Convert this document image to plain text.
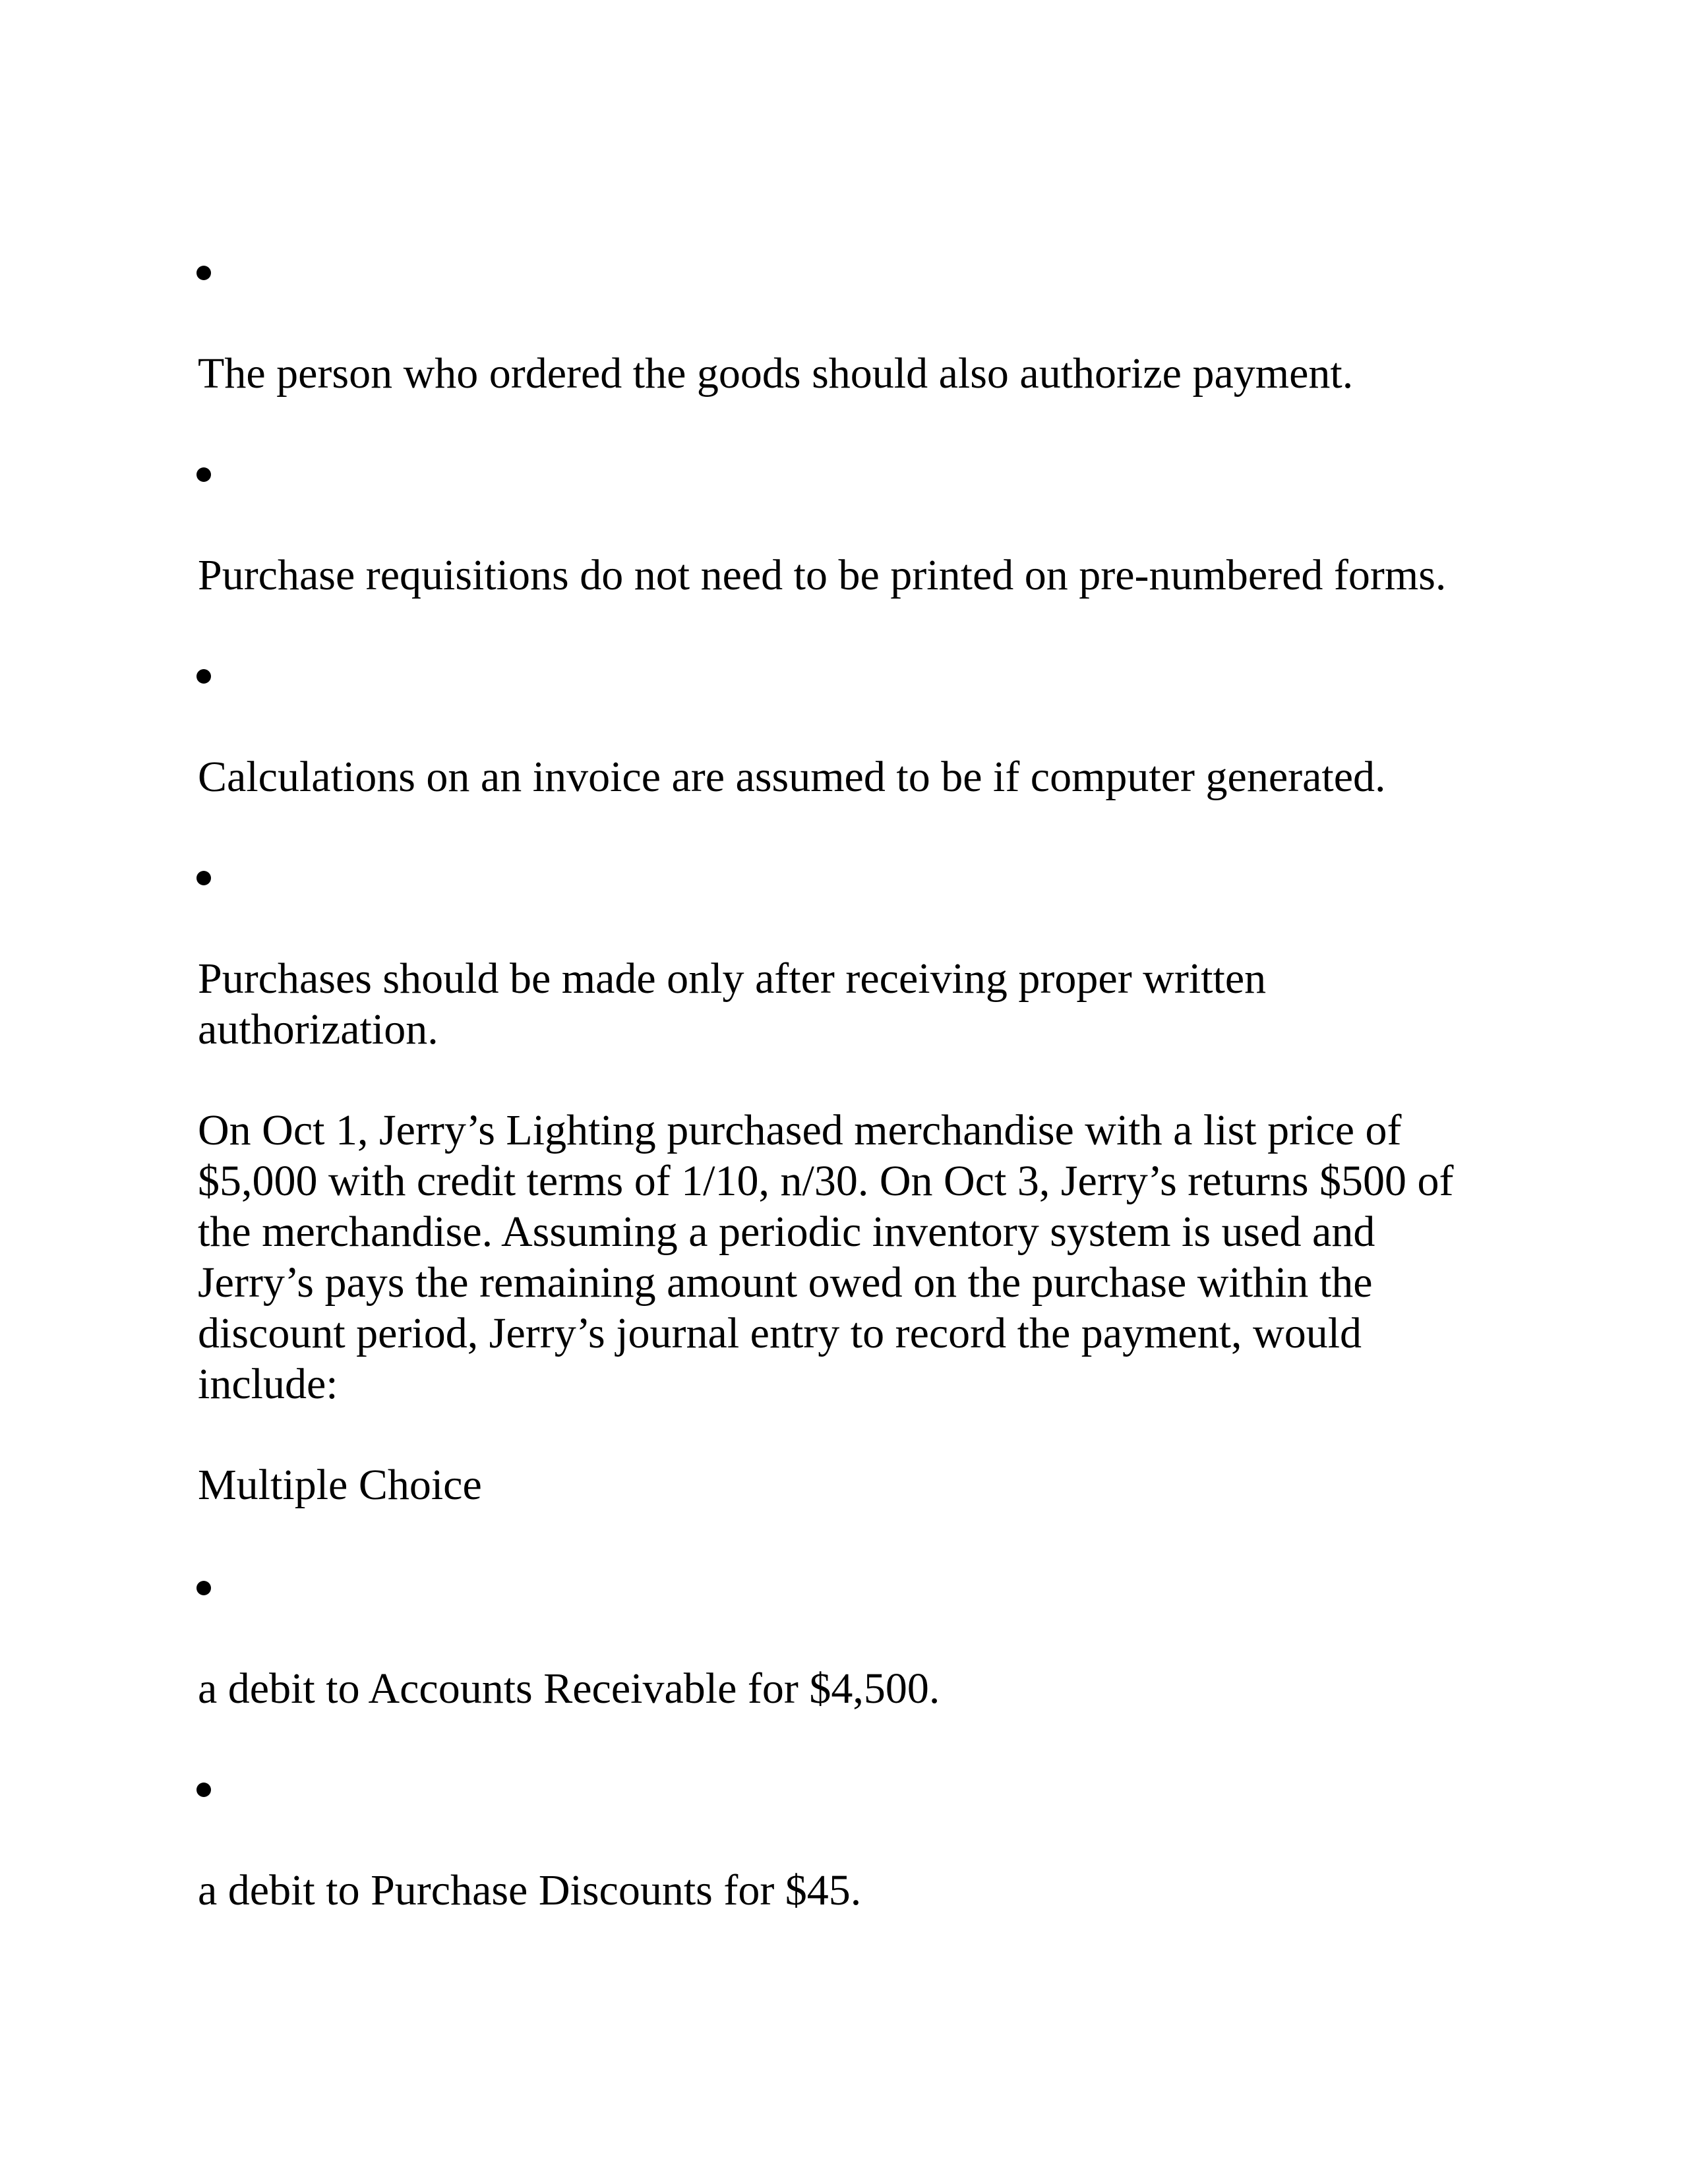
The person who ordered the goods should also authorize payment.

Purchase requisitions do not need to be printed on pre-numbered forms.

Calculations on an invoice are assumed to be if computer generated.

Purchases should be made only after receiving proper written
authorization.
On Oct 1, Jerry’s Lighting purchased merchandise with a list price of
$5,000 with credit terms of 1/10, n/30. On Oct 3, Jerry’s returns $500 of
the merchandise. Assuming a periodic inventory system is used and
Jerry’s pays the remaining amount owed on the purchase within the
discount period, Jerry’s journal entry to record the payment, would
include:

Multiple Choice

a debit to Accounts Receivable for $4,500.

a debit to Purchase Discounts for $45.
